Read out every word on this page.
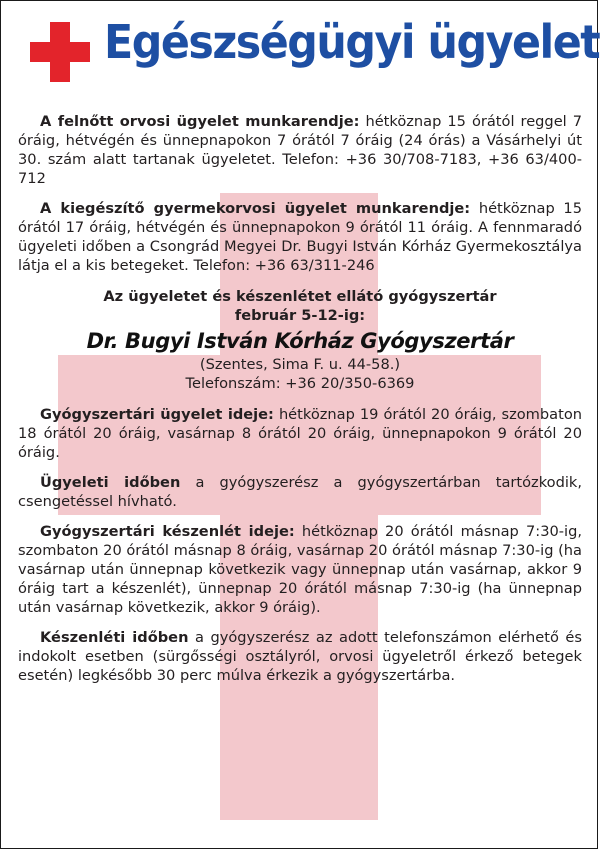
Egészségügyi ügyelet

A felnőtt orvosi ügyelet munkarendje: hétköznap 15 órától reggel 7 óráig, hétvégén és ünnepnapokon 7 órától 7 óráig (24 órás) a Vásárhelyi út 30. szám alatt tartanak ügyeletet. Telefon: +36 30/708-7183, +36 63/400-712

A kiegészítő gyermekorvosi ügyelet munkarendje: hétköznap 15 órától 17 óráig, hétvégén és ünnepnapokon 9 órától 11 óráig. A fennmaradó ügyeleti időben a Csongrád Megyei Dr. Bugyi István Kórház Gyermekosztálya látja el a kis betegeket. Telefon: +36 63/311-246

Az ügyeletet és készenlétet ellátó gyógyszertár
február 5-12-ig:
Dr. Bugyi István Kórház Gyógyszertár
(Szentes, Sima F. u. 44-58.)
Telefonszám: +36 20/350-6369

Gyógyszertári ügyelet ideje: hétköznap 19 órától 20 óráig, szombaton 18 órától 20 óráig, vasárnap 8 órától 20 óráig, ünnepnapokon 9 órától 20 óráig.

Ügyeleti időben a gyógyszerész a gyógyszertárban tartózkodik, csengetéssel hívható.

Gyógyszertári készenlét ideje: hétköznap 20 órától másnap 7:30-ig, szombaton 20 órától másnap 8 óráig, vasárnap 20 órától másnap 7:30-ig (ha vasárnap után ünnepnap következik vagy ünnepnap után vasárnap, akkor 9 óráig tart a készenlét), ünnepnap 20 órától másnap 7:30-ig (ha ünnepnap után vasárnap következik, akkor 9 óráig).

Készenléti időben a gyógyszerész az adott telefonszámon elérhető és indokolt esetben (sürgősségi osztályról, orvosi ügyeletről érkező betegek esetén) legkésőbb 30 perc múlva érkezik a gyógyszertárba.
